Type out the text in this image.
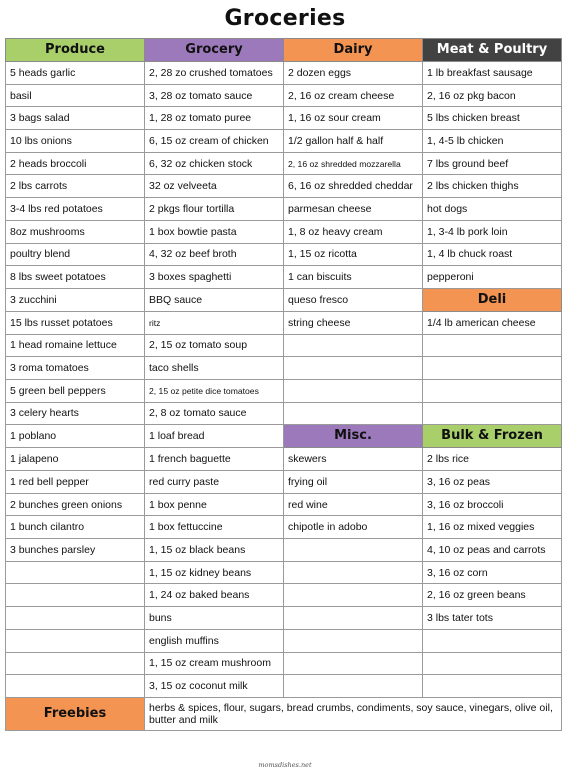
Groceries
Produce	Grocery	Dairy	Meat & Poultry
5 heads garlic	2, 28 zo crushed tomatoes	2 dozen eggs	1 lb breakfast sausage
basil	3, 28 oz tomato sauce	2, 16 oz cream cheese	2, 16 oz pkg bacon
3 bags salad	1, 28 oz tomato puree	1, 16 oz sour cream	5 lbs chicken breast
10 lbs onions	6, 15 oz cream of chicken	1/2 gallon half & half	1, 4-5 lb chicken
2 heads broccoli	6, 32 oz chicken stock	2, 16 oz shredded mozzarella	7 lbs ground beef
2 lbs carrots	32 oz velveeta	6, 16 oz shredded cheddar	2 lbs chicken thighs
3-4 lbs red potatoes	2 pkgs flour tortilla	parmesan cheese	hot dogs
8oz mushrooms	1 box bowtie pasta	1, 8 oz heavy cream	1, 3-4 lb pork loin
poultry blend	4, 32 oz beef broth	1, 15 oz ricotta	1, 4 lb chuck roast
8 lbs sweet potatoes	3 boxes spaghetti	1 can biscuits	pepperoni
3 zucchini	BBQ sauce	queso fresco	Deli
15 lbs russet potatoes	ritz	string cheese	1/4 lb american cheese
1 head romaine lettuce	2, 15 oz tomato soup		
3 roma tomatoes	taco shells		
5 green bell peppers	2, 15 oz petite dice tomatoes		
3 celery hearts	2, 8 oz tomato sauce		
1 poblano	1 loaf bread	Misc.	Bulk & Frozen
1 jalapeno	1 french baguette	skewers	2 lbs rice
1 red bell pepper	red curry paste	frying oil	3, 16 oz peas
2 bunches green onions	1 box penne	red wine	3, 16 oz broccoli
1 bunch cilantro	1 box fettuccine	chipotle in adobo	1, 16 oz mixed veggies
3 bunches parsley	1, 15 oz black beans		4, 10 oz peas and carrots
	1, 15 oz kidney beans		3, 16 oz corn
	1, 24 oz baked beans		2, 16 oz green beans
	buns		3 lbs tater tots
	english muffins		
	1, 15 oz cream mushroom		
	3, 15 oz coconut milk		
Freebies	herbs & spices, flour, sugars, bread crumbs, condiments, soy sauce, vinegars, olive oil, butter and milk		
momsdishes.net
